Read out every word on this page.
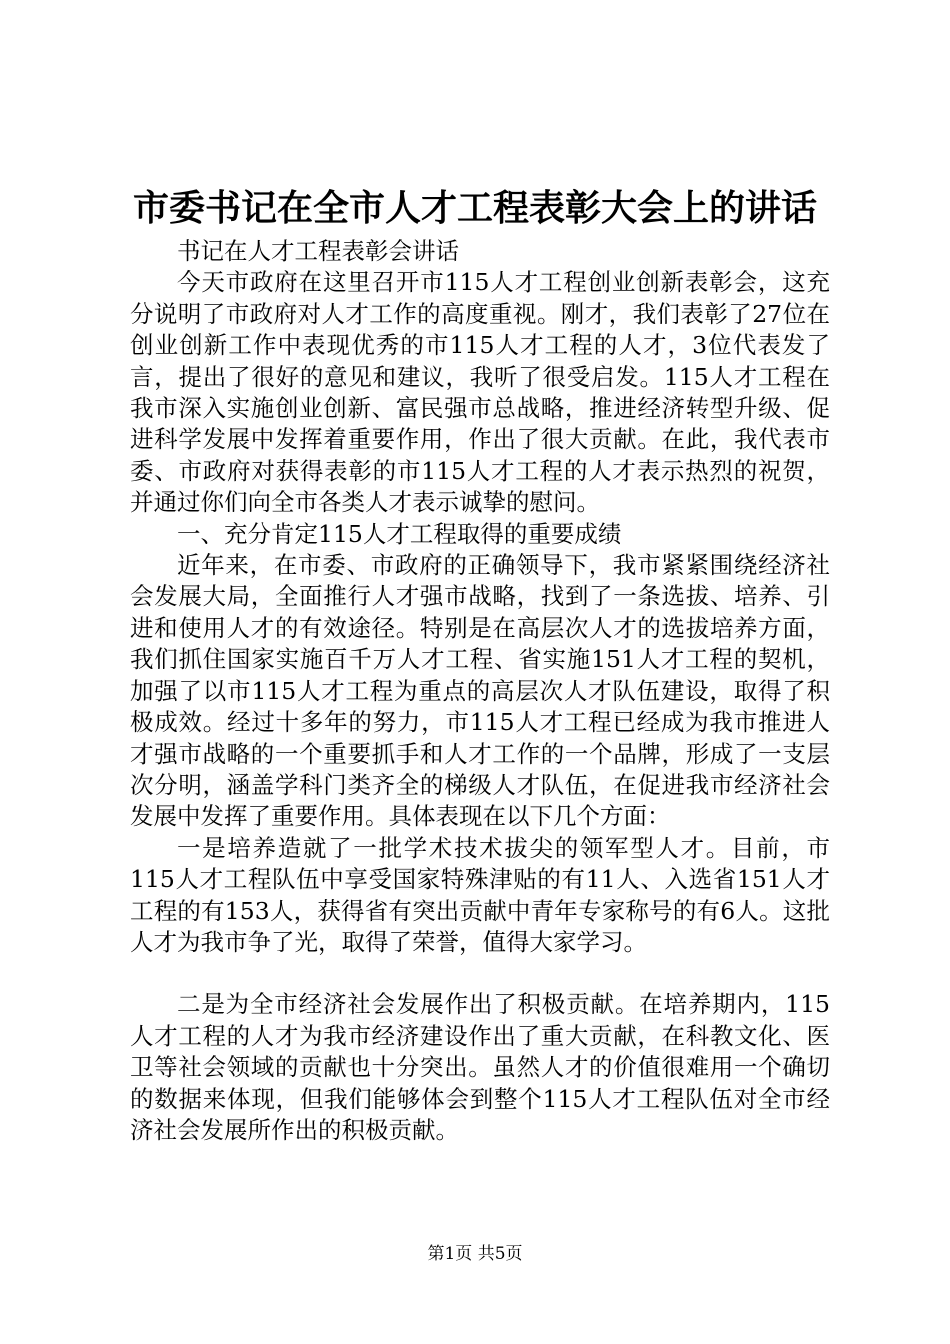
市委书记在全市人才工程表彰大会上的讲话

书记在人才工程表彰会讲话

今天市政府在这里召开市115人才工程创业创新表彰会，这充分说明了市政府对人才工作的高度重视。刚才，我们表彰了27位在创业创新工作中表现优秀的市115人才工程的人才，3位代表发了言，提出了很好的意见和建议，我听了很受启发。115人才工程在我市深入实施创业创新、富民强市总战略，推进经济转型升级、促进科学发展中发挥着重要作用，作出了很大贡献。在此，我代表市委、市政府对获得表彰的市115人才工程的人才表示热烈的祝贺，并通过你们向全市各类人才表示诚挚的慰问。

一、充分肯定115人才工程取得的重要成绩

近年来，在市委、市政府的正确领导下，我市紧紧围绕经济社会发展大局，全面推行人才强市战略，找到了一条选拔、培养、引进和使用人才的有效途径。特别是在高层次人才的选拔培养方面，我们抓住国家实施百千万人才工程、省实施151人才工程的契机，加强了以市115人才工程为重点的高层次人才队伍建设，取得了积极成效。经过十多年的努力，市115人才工程已经成为我市推进人才强市战略的一个重要抓手和人才工作的一个品牌，形成了一支层次分明，涵盖学科门类齐全的梯级人才队伍，在促进我市经济社会发展中发挥了重要作用。具体表现在以下几个方面：

一是培养造就了一批学术技术拔尖的领军型人才。目前，市115人才工程队伍中享受国家特殊津贴的有11人、入选省151人才工程的有153人，获得省有突出贡献中青年专家称号的有6人。这批人才为我市争了光，取得了荣誉，值得大家学习。

二是为全市经济社会发展作出了积极贡献。在培养期内，115人才工程的人才为我市经济建设作出了重大贡献，在科教文化、医卫等社会领域的贡献也十分突出。虽然人才的价值很难用一个确切的数据来体现，但我们能够体会到整个115人才工程队伍对全市经济社会发展所作出的积极贡献。

第1页 共5页
